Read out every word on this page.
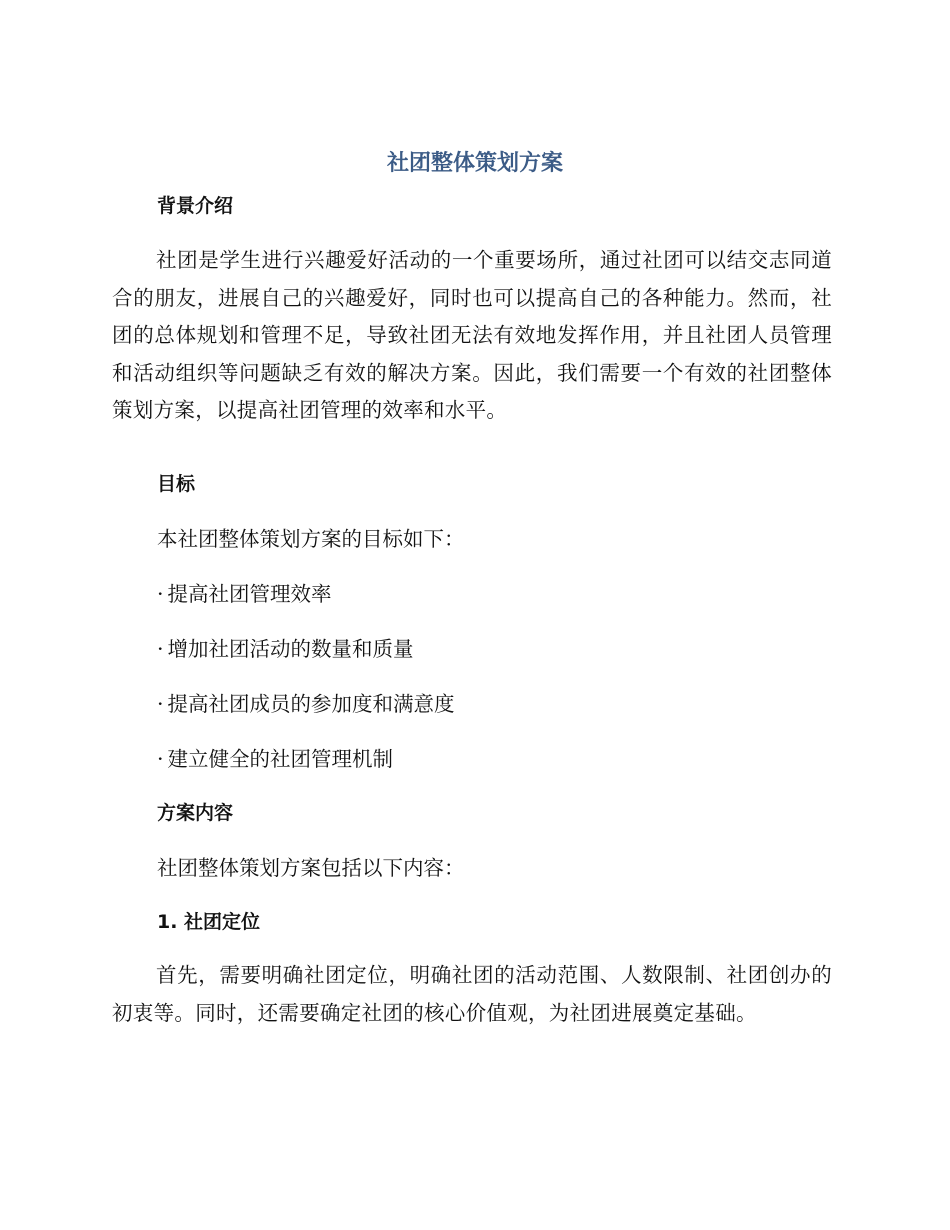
社团整体策划方案
背景介绍

社团是学生进行兴趣爱好活动的一个重要场所，通过社团可以结交志同道合的朋友，进展自己的兴趣爱好，同时也可以提高自己的各种能力。然而，社团的总体规划和管理不足，导致社团无法有效地发挥作用，并且社团人员管理和活动组织等问题缺乏有效的解决方案。因此，我们需要一个有效的社团整体策划方案，以提高社团管理的效率和水平。

目标

本社团整体策划方案的目标如下：

· 提高社团管理效率

· 增加社团活动的数量和质量

· 提高社团成员的参加度和满意度

· 建立健全的社团管理机制

方案内容

社团整体策划方案包括以下内容：

1. 社团定位

首先，需要明确社团定位，明确社团的活动范围、人数限制、社团创办的初衷等。同时，还需要确定社团的核心价值观，为社团进展奠定基础。
